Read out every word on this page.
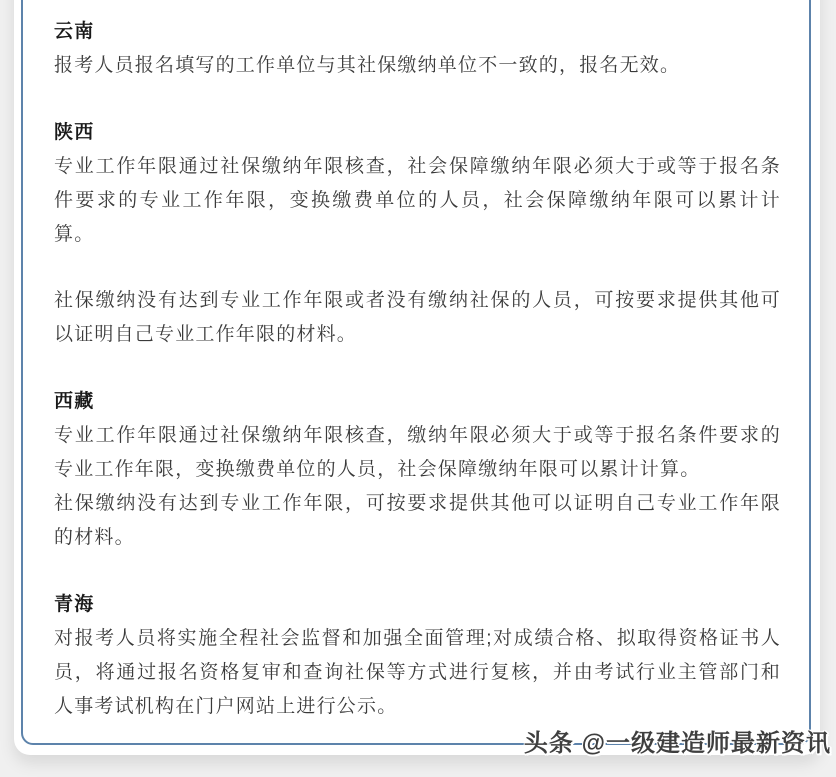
云南

报考人员报名填写的工作单位与其社保缴纳单位不一致的，报名无效。

陕西

专业工作年限通过社保缴纳年限核查，社会保障缴纳年限必须大于或等于报名条件要求的专业工作年限，变换缴费单位的人员，社会保障缴纳年限可以累计计算。

社保缴纳没有达到专业工作年限或者没有缴纳社保的人员，可按要求提供其他可以证明自己专业工作年限的材料。

西藏

专业工作年限通过社保缴纳年限核查，缴纳年限必须大于或等于报名条件要求的专业工作年限，变换缴费单位的人员，社会保障缴纳年限可以累计计算。

社保缴纳没有达到专业工作年限，可按要求提供其他可以证明自己专业工作年限的材料。

青海

对报考人员将实施全程社会监督和加强全面管理;对成绩合格、拟取得资格证书人员，将通过报名资格复审和查询社保等方式进行复核，并由考试行业主管部门和人事考试机构在门户网站上进行公示。

头条 @一级建造师最新资讯
